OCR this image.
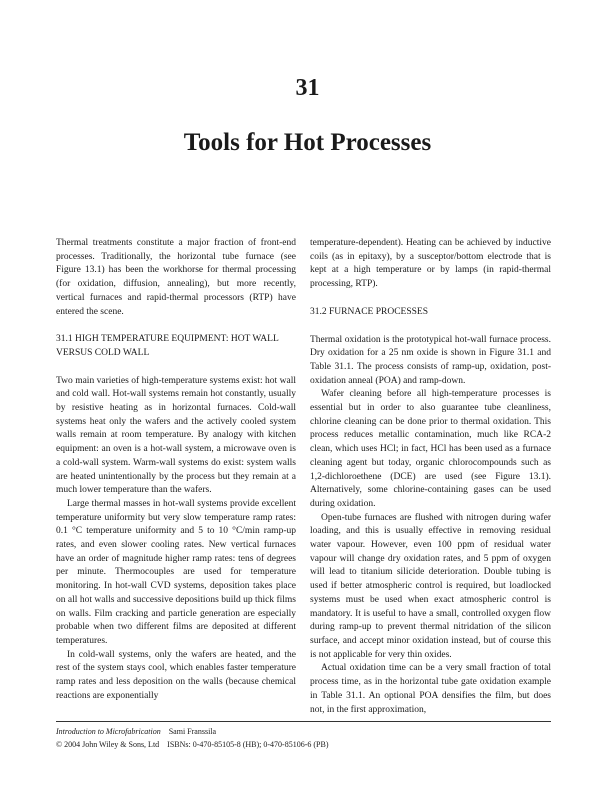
31
Tools for Hot Processes

Thermal treatments constitute a major fraction of front-end processes. Traditionally, the horizontal tube furnace (see Figure 13.1) has been the workhorse for thermal processing (for oxidation, diffusion, annealing), but more recently, vertical furnaces and rapid-thermal processors (RTP) have entered the scene.

31.1 HIGH TEMPERATURE EQUIPMENT: HOT WALL VERSUS COLD WALL

Two main varieties of high-temperature systems exist: hot wall and cold wall. Hot-wall systems remain hot constantly, usually by resistive heating as in horizontal furnaces. Cold-wall systems heat only the wafers and the actively cooled system walls remain at room temperature. By analogy with kitchen equipment: an oven is a hot-wall system, a microwave oven is a cold-wall system. Warm-wall systems do exist: system walls are heated unintentionally by the process but they remain at a much lower temperature than the wafers.

Large thermal masses in hot-wall systems provide excellent temperature uniformity but very slow temperature ramp rates: 0.1 °C temperature uniformity and 5 to 10 °C/min ramp-up rates, and even slower cooling rates. New vertical furnaces have an order of magnitude higher ramp rates: tens of degrees per minute. Thermocouples are used for temperature monitoring. In hot-wall CVD systems, deposition takes place on all hot walls and successive depositions build up thick films on walls. Film cracking and particle generation are especially probable when two different films are deposited at different temperatures.

In cold-wall systems, only the wafers are heated, and the rest of the system stays cool, which enables faster temperature ramp rates and less deposition on the walls (because chemical reactions are exponentially

temperature-dependent). Heating can be achieved by inductive coils (as in epitaxy), by a susceptor/bottom electrode that is kept at a high temperature or by lamps (in rapid-thermal processing, RTP).

31.2 FURNACE PROCESSES

Thermal oxidation is the prototypical hot-wall furnace process. Dry oxidation for a 25 nm oxide is shown in Figure 31.1 and Table 31.1. The process consists of ramp-up, oxidation, post-oxidation anneal (POA) and ramp-down.

Wafer cleaning before all high-temperature processes is essential but in order to also guarantee tube cleanliness, chlorine cleaning can be done prior to thermal oxidation. This process reduces metallic contamination, much like RCA-2 clean, which uses HCl; in fact, HCl has been used as a furnace cleaning agent but today, organic chlorocompounds such as 1,2-dichloroethene (DCE) are used (see Figure 13.1). Alternatively, some chlorine-containing gases can be used during oxidation.

Open-tube furnaces are flushed with nitrogen during wafer loading, and this is usually effective in removing residual water vapour. However, even 100 ppm of residual water vapour will change dry oxidation rates, and 5 ppm of oxygen will lead to titanium silicide deterioration. Double tubing is used if better atmospheric control is required, but loadlocked systems must be used when exact atmospheric control is mandatory. It is useful to have a small, controlled oxygen flow during ramp-up to prevent thermal nitridation of the silicon surface, and accept minor oxidation instead, but of course this is not applicable for very thin oxides.

Actual oxidation time can be a very small fraction of total process time, as in the horizontal tube gate oxidation example in Table 31.1. An optional POA densifies the film, but does not, in the first approximation,

Introduction to Microfabrication Sami Franssila
© 2004 John Wiley & Sons, Ltd ISBNs: 0-470-85105-8 (HB); 0-470-85106-6 (PB)
